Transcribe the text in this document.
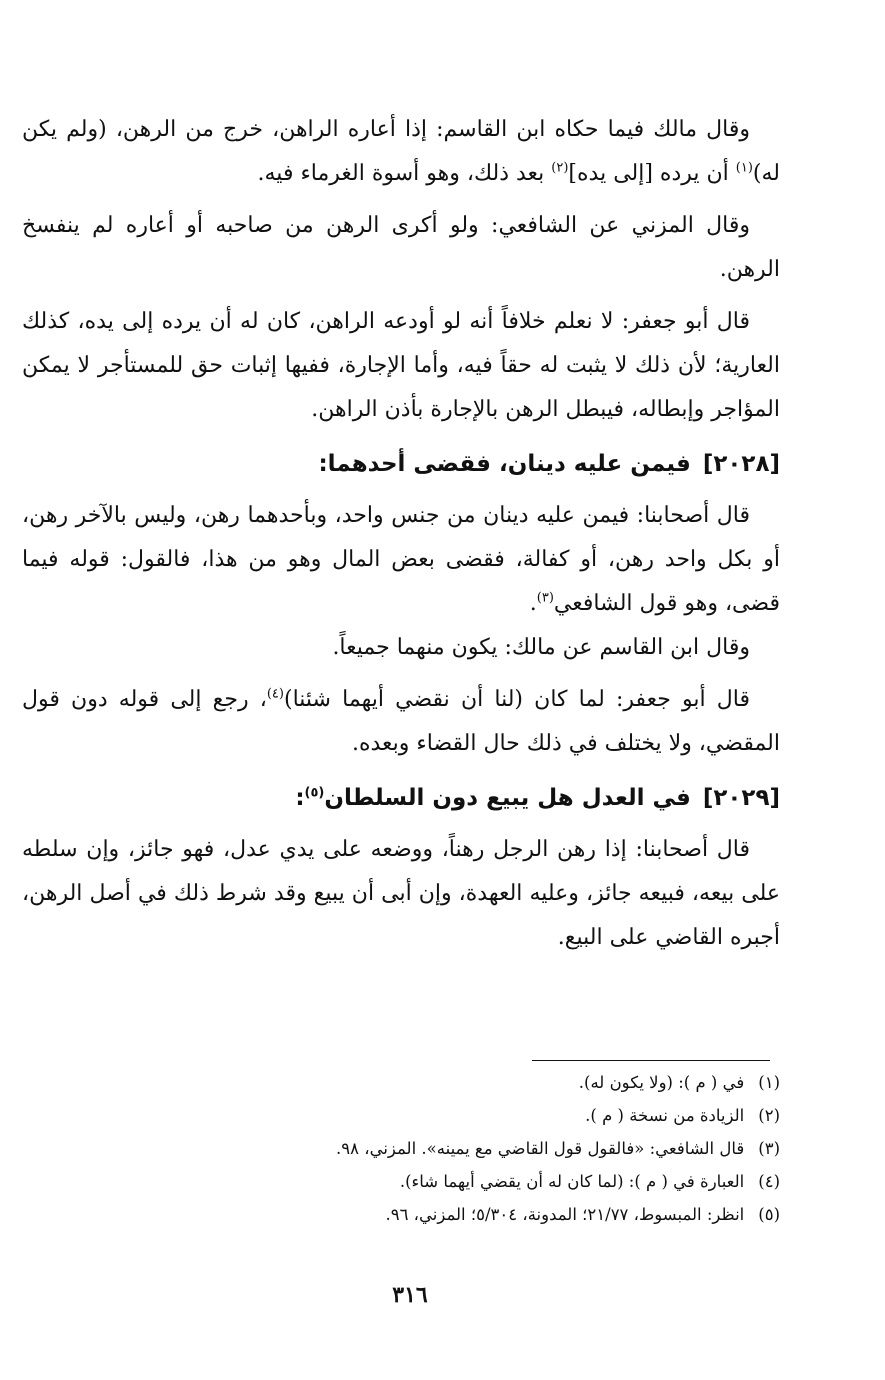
وقال مالك فيما حكاه ابن القاسم: إذا أعاره الراهن، خرج من الرهن، (ولم يكن له)$^{(١)}$ أن يرده [إلى يده]$^{(٢)}$ بعد ذلك، وهو أسوة الغرماء فيه.

وقال المزني عن الشافعي: ولو أكرى الرهن من صاحبه أو أعاره لم ينفسخ الرهن.

قال أبو جعفر: لا نعلم خلافاً أنه لو أودعه الراهن، كان له أن يرده إلى يده، كذلك العارية؛ لأن ذلك لا يثبت له حقاً فيه، وأما الإجارة، ففيها إثبات حق للمستأجر لا يمكن المؤاجر وإبطاله، فيبطل الرهن بالإجارة بأذن الراهن.

[٢٠٢٨]فيمن عليه دينان، فقضى أحدهما:

قال أصحابنا: فيمن عليه دينان من جنس واحد، وبأحدهما رهن، وليس بالآخر رهن، أو بكل واحد رهن، أو كفالة، فقضى بعض المال وهو من هذا، فالقول: قوله فيما قضى، وهو قول الشافعي$^{(٣)}$.
وقال ابن القاسم عن مالك: يكون منهما جميعاً.

قال أبو جعفر: لما كان (لنا أن نقضي أيهما شئنا)$^{(٤)}$، رجع إلى قوله دون قول المقضي، ولا يختلف في ذلك حال القضاء وبعده.

[٢٠٢٩]في العدل هل يبيع دون السلطان$^{(٥)}$:

قال أصحابنا: إذا رهن الرجل رهناً، ووضعه على يدي عدل، فهو جائز، وإن سلطه على بيعه، فبيعه جائز، وعليه العهدة، وإن أبى أن يبيع وقد شرط ذلك في أصل الرهن، أجبره القاضي على البيع.

(١)في ( م ): (ولا يكون له).
(٢)الزيادة من نسخة ( م ).
(٣)قال الشافعي: «فالقول قول القاضي مع يمينه». المزني، ٩٨.
(٤)العبارة في ( م ): (لما كان له أن يقضي أيهما شاء).
(٥)انظر: المبسوط، ٢١/٧٧؛ المدونة، ٥/٣٠٤؛ المزني، ٩٦.
٣١٦
